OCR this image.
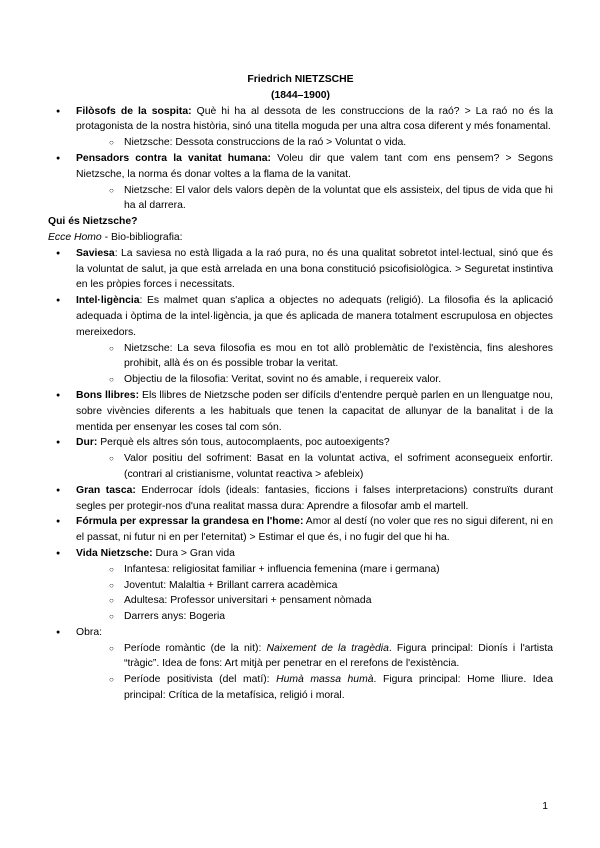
Friedrich NIETZSCHE
(1844–1900)
● Filòsofs de la sospita: Què hi ha al dessota de les construccions de la raó? > La raó no és la protagonista de la nostra història, sinó una titella moguda per una altra cosa diferent y més fonamental.
○ Nietzsche: Dessota construccions de la raó > Voluntat o vida.
● Pensadors contra la vanitat humana: Voleu dir que valem tant com ens pensem? > Segons Nietzsche, la norma és donar voltes a la flama de la vanitat.
○ Nietzsche: El valor dels valors depèn de la voluntat que els assisteix, del tipus de vida que hi ha al darrera.
Qui és Nietzsche?
Ecce Homo - Bio-bibliografia:
● Saviesa: La saviesa no està lligada a la raó pura, no és una qualitat sobretot intel·lectual, sinó que és la voluntat de salut, ja que està arrelada en una bona constitució psicofisiològica. > Seguretat instintiva en les pròpies forces i necessitats.
● Intel·ligència: Es malmet quan s'aplica a objectes no adequats (religió). La filosofia és la aplicació adequada i òptima de la intel·ligència, ja que és aplicada de manera totalment escrupulosa en objectes mereixedors.
○ Nietzsche: La seva filosofia es mou en tot allò problemàtic de l'existència, fins aleshores prohibit, allà és on és possible trobar la veritat.
○ Objectiu de la filosofia: Veritat, sovint no és amable, i requereix valor.
● Bons llibres: Els llibres de Nietzsche poden ser difícils d'entendre perquè parlen en un llenguatge nou, sobre vivències diferents a les habituals que tenen la capacitat de allunyar de la banalitat i de la mentida per ensenyar les coses tal com són.
● Dur: Perquè els altres són tous, autocomplaents, poc autoexigents?
○ Valor positiu del sofriment: Basat en la voluntat activa, el sofriment aconsegueix enfortir. (contrari al cristianisme, voluntat reactiva > afebleix)
● Gran tasca: Enderrocar ídols (ideals: fantasies, ficcions i falses interpretacions) construïts durant segles per protegir-nos d'una realitat massa dura: Aprendre a filosofar amb el martell.
● Fórmula per expressar la grandesa en l'home: Amor al destí (no voler que res no sigui diferent, ni en el passat, ni futur ni en per l'eternitat) > Estimar el que és, i no fugir del que hi ha.
● Vida Nietzsche: Dura > Gran vida
○ Infantesa: religiositat familiar + influencia femenina (mare i germana)
○ Joventut: Malaltia + Brillant carrera acadèmica
○ Adultesa: Professor universitari + pensament nòmada
○ Darrers anys: Bogeria
● Obra:
○ Període romàntic (de la nit): Naixement de la tragèdia. Figura principal: Dionís i l'artista “tràgic”. Idea de fons: Art mitjà per penetrar en el rerefons de l'existència.
○ Període positivista (del matí): Humà massa humà. Figura principal: Home lliure. Idea principal: Crítica de la metafísica, religió i moral.
1
